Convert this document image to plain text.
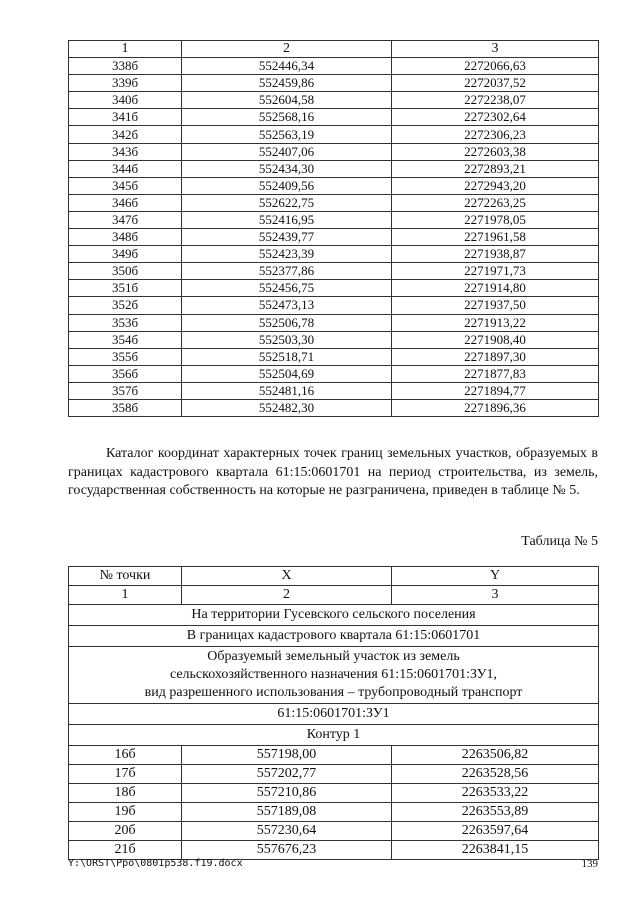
1	2	3
338б	552446,34	2272066,63
339б	552459,86	2272037,52
340б	552604,58	2272238,07
341б	552568,16	2272302,64
342б	552563,19	2272306,23
343б	552407,06	2272603,38
344б	552434,30	2272893,21
345б	552409,56	2272943,20
346б	552622,75	2272263,25
347б	552416,95	2271978,05
348б	552439,77	2271961,58
349б	552423,39	2271938,87
350б	552377,86	2271971,73
351б	552456,75	2271914,80
352б	552473,13	2271937,50
353б	552506,78	2271913,22
354б	552503,30	2271908,40
355б	552518,71	2271897,30
356б	552504,69	2271877,83
357б	552481,16	2271894,77
358б	552482,30	2271896,36

Каталог координат характерных точек границ земельных участков, образуемых в границах кадастрового квартала 61:15:0601701 на период строительства, из земель, государственная собственность на которые не разграничена, приведен в таблице № 5.

Таблица № 5
№ точки	X	Y
1	2	3
На территории Гусевского сельского поселения		
В границах кадастрового квартала 61:15:0601701		

Образуемый земельный участок из земель
сельскохозяйственного назначения 61:15:0601701:ЗУ1,
вид разрешенного использования – трубопроводный транспорт		

61:15:0601701:ЗУ1		
Контур 1		
16б	557198,00	2263506,82
17б	557202,77	2263528,56
18б	557210,86	2263533,22
19б	557189,08	2263553,89
20б	557230,64	2263597,64
21б	557676,23	2263841,15
Y:\ORST\Ppo\0801p538.f19.docx	139
